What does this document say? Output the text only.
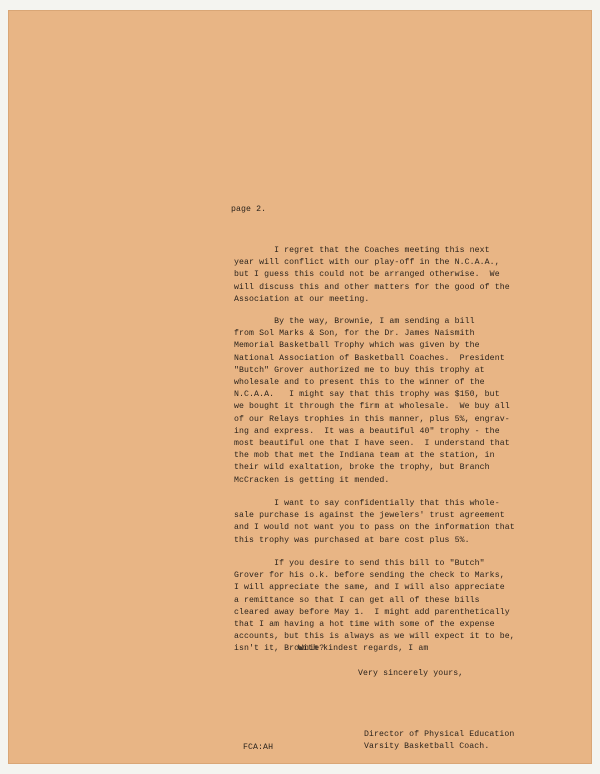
page 2.
I regret that the Coaches meeting this next
year will conflict with our play-off in the N.C.A.A.,
but I guess this could not be arranged otherwise.  We
will discuss this and other matters for the good of the
Association at our meeting.
By the way, Brownie, I am sending a bill
from Sol Marks & Son, for the Dr. James Naismith
Memorial Basketball Trophy which was given by the
National Association of Basketball Coaches.  President
"Butch" Grover authorized me to buy this trophy at
wholesale and to present this to the winner of the
N.C.A.A.   I might say that this trophy was $150, but
we bought it through the firm at wholesale.  We buy all
of our Relays trophies in this manner, plus 5%, engrav-
ing and express.  It was a beautiful 40" trophy - the
most beautiful one that I have seen.  I understand that
the mob that met the Indiana team at the station, in
their wild exaltation, broke the trophy, but Branch
McCracken is getting it mended.
I want to say confidentially that this whole-
sale purchase is against the jewelers' trust agreement
and I would not want you to pass on the information that
this trophy was purchased at bare cost plus 5%.
If you desire to send this bill to "Butch"
Grover for his o.k. before sending the check to Marks,
I will appreciate the same, and I will also appreciate
a remittance so that I can get all of these bills
cleared away before May 1.  I might add parenthetically
that I am having a hot time with some of the expense
accounts, but this is always as we will expect it to be,
isn't it, Brownie?
With kindest regards, I am
Very sincerely yours,
FCA:AH
Director of Physical Education
Varsity Basketball Coach.
